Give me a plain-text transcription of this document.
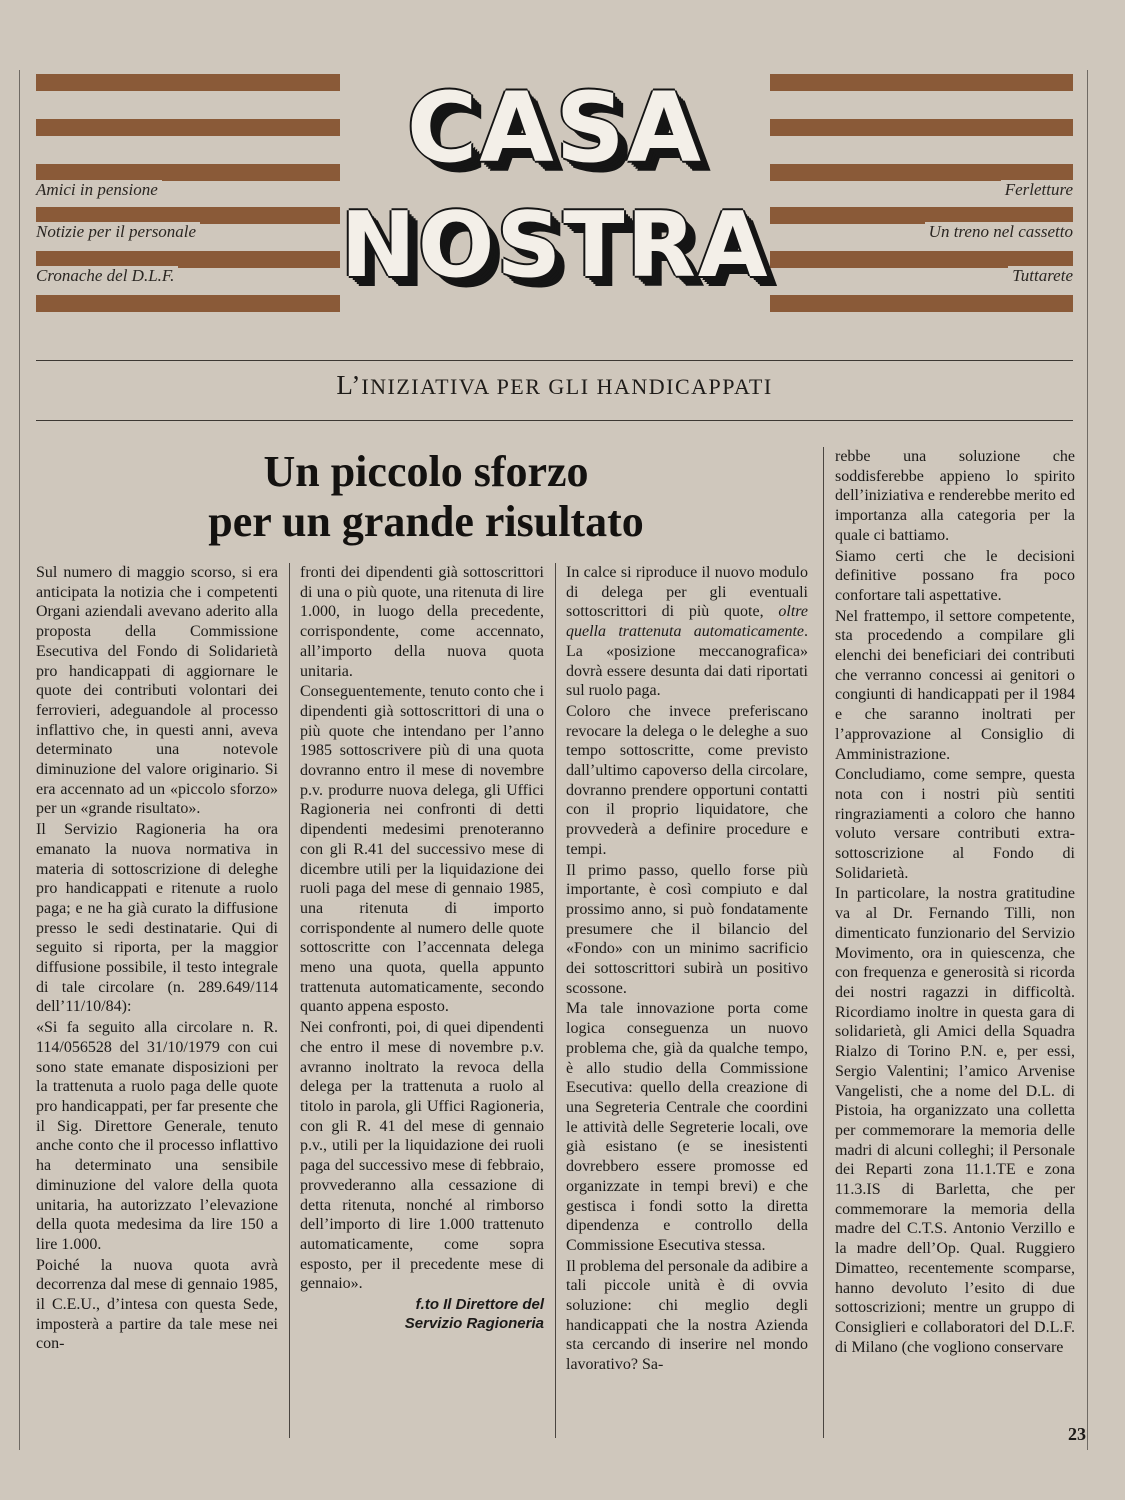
Amici in pensione
Notizie per il personale
Cronache del D.L.F.
Ferletture
Un treno nel cassetto
Tuttarete
CASA
NOSTRA
L’INIZIATIVA PER GLI HANDICAPPATI
Un piccolo sforzo
per un grande risultato

Sul numero di maggio scorso, si era anticipata la notizia che i competenti Organi aziendali avevano aderito alla proposta della Commissione Esecutiva del Fondo di Solidarietà pro handicappati di aggiornare le quote dei contributi volontari dei ferrovieri, adeguandole al processo inflattivo che, in questi anni, aveva determinato una notevole diminuzione del valore originario. Si era accennato ad un «piccolo sforzo» per un «grande risultato».

Il Servizio Ragioneria ha ora emanato la nuova normativa in materia di sottoscrizione di deleghe pro handicappati e ritenute a ruolo paga; e ne ha già curato la diffusione presso le sedi destinatarie. Qui di seguito si riporta, per la maggior diffusione possibile, il testo integrale di tale circolare (n. 289.649/114 dell’11/10/84):

«Si fa seguito alla circolare n. R. 114/056528 del 31/10/1979 con cui sono state emanate disposizioni per la trattenuta a ruolo paga delle quote pro handicappati, per far presente che il Sig. Direttore Generale, tenuto anche conto che il processo inflattivo ha determinato una sensibile diminuzione del valore della quota unitaria, ha autorizzato l’elevazione della quota medesima da lire 150 a lire 1.000.

Poiché la nuova quota avrà decorrenza dal mese di gennaio 1985, il C.E.U., d’intesa con questa Sede, imposterà a partire da tale mese nei con-

fronti dei dipendenti già sottoscrittori di una o più quote, una ritenuta di lire 1.000, in luogo della precedente, corrispondente, come accennato, all’importo della nuova quota unitaria.

Conseguentemente, tenuto conto che i dipendenti già sottoscrittori di una o più quote che intendano per l’anno 1985 sottoscrivere più di una quota dovranno entro il mese di novembre p.v. produrre nuova delega, gli Uffici Ragioneria nei confronti di detti dipendenti medesimi prenoteranno con gli R.41 del successivo mese di dicembre utili per la liquidazione dei ruoli paga del mese di gennaio 1985, una ritenuta di importo corrispondente al numero delle quote sottoscritte con l’accennata delega meno una quota, quella appunto trattenuta automaticamente, secondo quanto appena esposto.

Nei confronti, poi, di quei dipendenti che entro il mese di novembre p.v. avranno inoltrato la revoca della delega per la trattenuta a ruolo al titolo in parola, gli Uffici Ragioneria, con gli R. 41 del mese di gennaio p.v., utili per la liquidazione dei ruoli paga del successivo mese di febbraio, provvederanno alla cessazione di detta ritenuta, nonché al rimborso dell’importo di lire 1.000 trattenuto automaticamente, come sopra esposto, per il precedente mese di gennaio».

f.to Il Direttore del
Servizio Ragioneria

In calce si riproduce il nuovo modulo di delega per gli eventuali sottoscrittori di più quote, oltre quella trattenuta automaticamente. La «posizione meccanografica» dovrà essere desunta dai dati riportati sul ruolo paga.

Coloro che invece preferiscano revocare la delega o le deleghe a suo tempo sottoscritte, come previsto dall’ultimo capoverso della circolare, dovranno prendere opportuni contatti con il proprio liquidatore, che provvederà a definire procedure e tempi.

Il primo passo, quello forse più importante, è così compiuto e dal prossimo anno, si può fondatamente presumere che il bilancio del «Fondo» con un minimo sacrificio dei sottoscrittori subirà un positivo scossone.

Ma tale innovazione porta come logica conseguenza un nuovo problema che, già da qualche tempo, è allo studio della Commissione Esecutiva: quello della creazione di una Segreteria Centrale che coordini le attività delle Segreterie locali, ove già esistano (e se inesistenti dovrebbero essere promosse ed organizzate in tempi brevi) e che gestisca i fondi sotto la diretta dipendenza e controllo della Commissione Esecutiva stessa.

Il problema del personale da adibire a tali piccole unità è di ovvia soluzione: chi meglio degli handicappati che la nostra Azienda sta cercando di inserire nel mondo lavorativo? Sa-

rebbe una soluzione che soddisferebbe appieno lo spirito dell’iniziativa e renderebbe merito ed importanza alla categoria per la quale ci battiamo.

Siamo certi che le decisioni definitive possano fra poco confortare tali aspettative.

Nel frattempo, il settore competente, sta procedendo a compilare gli elenchi dei beneficiari dei contributi che verranno concessi ai genitori o congiunti di handicappati per il 1984 e che saranno inoltrati per l’approvazione al Consiglio di Amministrazione.

Concludiamo, come sempre, questa nota con i nostri più sentiti ringraziamenti a coloro che hanno voluto versare contributi extra-sottoscrizione al Fondo di Solidarietà.

In particolare, la nostra gratitudine va al Dr. Fernando Tilli, non dimenticato funzionario del Servizio Movimento, ora in quiescenza, che con frequenza e generosità si ricorda dei nostri ragazzi in difficoltà. Ricordiamo inoltre in questa gara di solidarietà, gli Amici della Squadra Rialzo di Torino P.N. e, per essi, Sergio Valentini; l’amico Arvenise Vangelisti, che a nome del D.L. di Pistoia, ha organizzato una colletta per commemorare la memoria delle madri di alcuni colleghi; il Personale dei Reparti zona 11.1.TE e zona 11.3.IS di Barletta, che per commemorare la memoria della madre del C.T.S. Antonio Verzillo e la madre dell’Op. Qual. Ruggiero Dimatteo, recentemente scomparse, hanno devoluto l’esito di due sottoscrizioni; mentre un gruppo di Consiglieri e collaboratori del D.L.F. di Milano (che vogliono conservare

23
